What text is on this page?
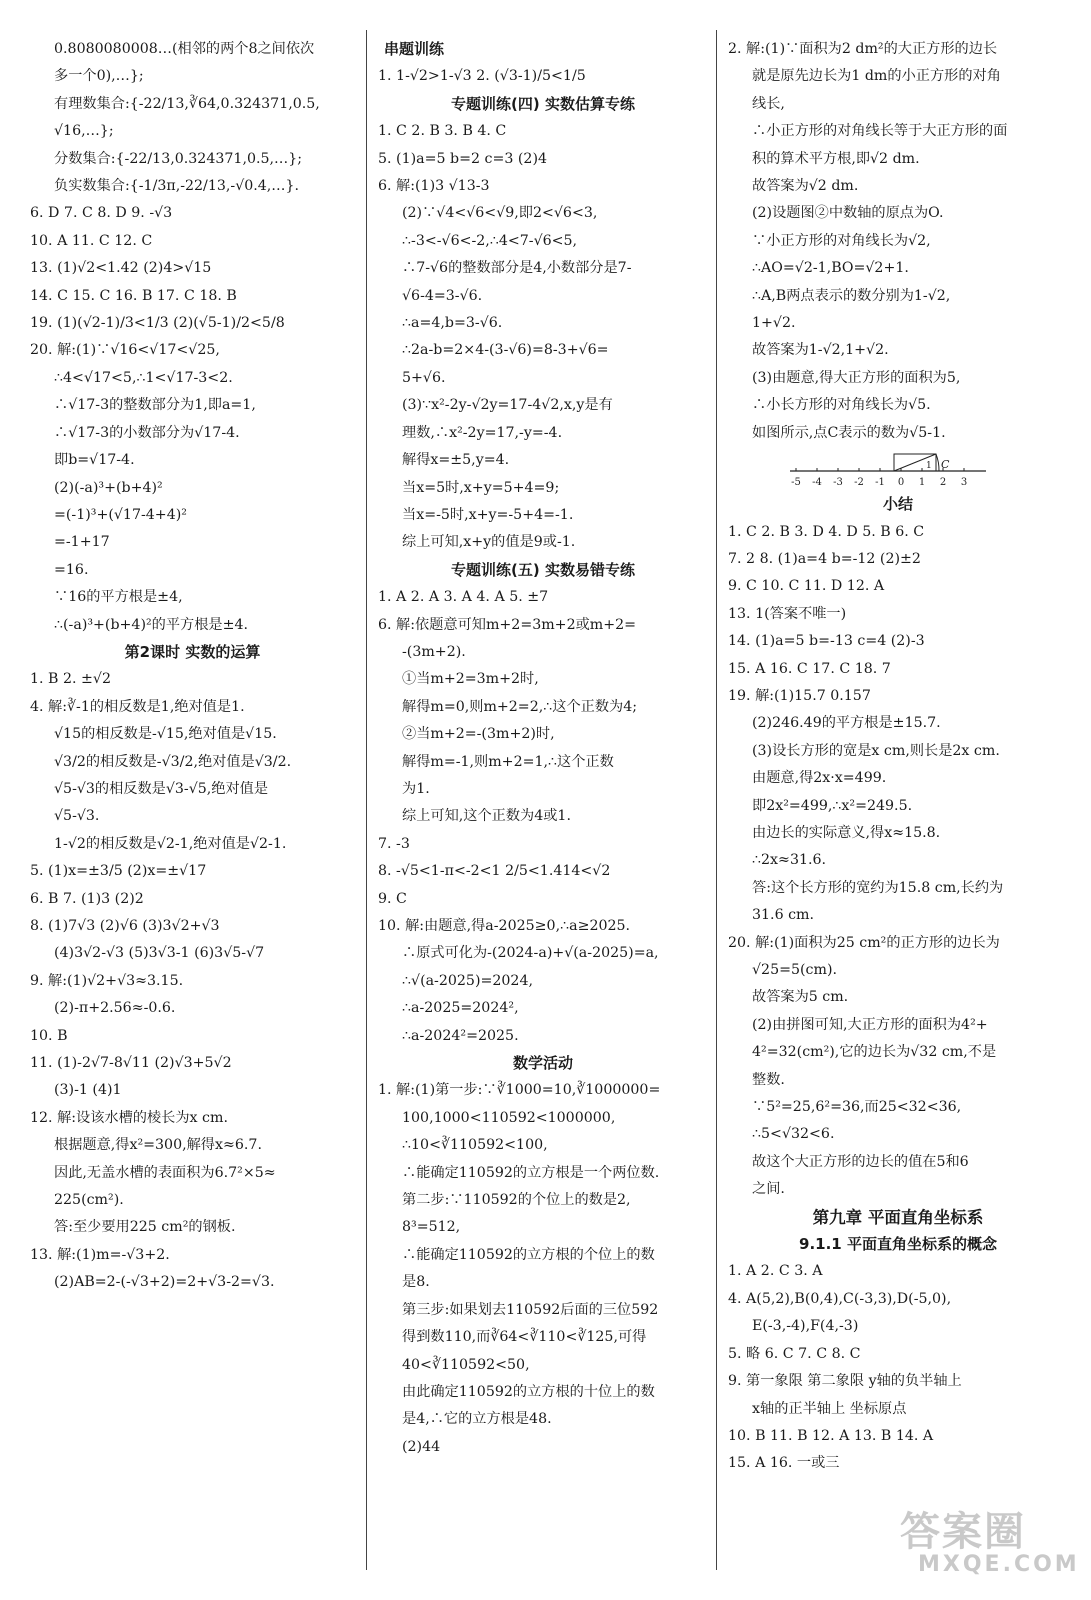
0.8080080008…(相邻的两个8之间依次
多一个0),…};
有理数集合:{-22/13,∛64,0.324371,0.5,
√16,…};
分数集合:{-22/13,0.324371,0.5,…};
负实数集合:{-1/3π,-22/13,-√0.4,…}.
6. D 7. C 8. D 9. -√3
10. A 11. C 12. C
13. (1)√2<1.42 (2)4>√15
14. C 15. C 16. B 17. C 18. B
19. (1)(√2-1)/3<1/3 (2)(√5-1)/2<5/8
20. 解:(1)∵√16<√17<√25,
∴4<√17<5,∴1<√17-3<2.
∴√17-3的整数部分为1,即a=1,
∴√17-3的小数部分为√17-4.
即b=√17-4.
(2)(-a)³+(b+4)²
=(-1)³+(√17-4+4)²
=-1+17
=16.
∵16的平方根是±4,
∴(-a)³+(b+4)²的平方根是±4.
第2课时 实数的运算
1. B 2. ±√2
4. 解:∛-1的相反数是1,绝对值是1.
√15的相反数是-√15,绝对值是√15.
√3/2的相反数是-√3/2,绝对值是√3/2.
√5-√3的相反数是√3-√5,绝对值是
√5-√3.
1-√2的相反数是√2-1,绝对值是√2-1.
5. (1)x=±3/5 (2)x=±√17
6. B 7. (1)3 (2)2
8. (1)7√3 (2)√6 (3)3√2+√3
(4)3√2-√3 (5)3√3-1 (6)3√5-√7
9. 解:(1)√2+√3≈3.15.
(2)-π+2.56≈-0.6.
10. B
11. (1)-2√7-8√11 (2)√3+5√2
(3)-1 (4)1
12. 解:设该水槽的棱长为x cm.
根据题意,得x²=300,解得x≈6.7.
因此,无盖水槽的表面积为6.7²×5≈
225(cm²).
答:至少要用225 cm²的钢板.
13. 解:(1)m=-√3+2.
(2)AB=2-(-√3+2)=2+√3-2=√3.
串题训练
1. 1-√2>1-√3 2. (√3-1)/5<1/5
专题训练(四) 实数估算专练
1. C 2. B 3. B 4. C
5. (1)a=5 b=2 c=3 (2)4
6. 解:(1)3 √13-3
(2)∵√4<√6<√9,即2<√6<3,
∴-3<-√6<-2,∴4<7-√6<5,
∴7-√6的整数部分是4,小数部分是7-
√6-4=3-√6.
∴a=4,b=3-√6.
∴2a-b=2×4-(3-√6)=8-3+√6=
5+√6.
(3)∵x²-2y-√2y=17-4√2,x,y是有
理数,∴x²-2y=17,-y=-4.
解得x=±5,y=4.
当x=5时,x+y=5+4=9;
当x=-5时,x+y=-5+4=-1.
综上可知,x+y的值是9或-1.
专题训练(五) 实数易错专练
1. A 2. A 3. A 4. A 5. ±7
6. 解:依题意可知m+2=3m+2或m+2=
-(3m+2).
①当m+2=3m+2时,
解得m=0,则m+2=2,∴这个正数为4;
②当m+2=-(3m+2)时,
解得m=-1,则m+2=1,∴这个正数
为1.
综上可知,这个正数为4或1.
7. -3
8. -√5<1-π<-2<1 2/5<1.414<√2
9. C
10. 解:由题意,得a-2025≥0,∴a≥2025.
∴原式可化为-(2024-a)+√(a-2025)=a,
∴√(a-2025)=2024,
∴a-2025=2024²,
∴a-2024²=2025.
数学活动
1. 解:(1)第一步:∵∛1000=10,∛1000000=
100,1000<110592<1000000,
∴10<∛110592<100,
∴能确定110592的立方根是一个两位数.
第二步:∵110592的个位上的数是2,
8³=512,
∴能确定110592的立方根的个位上的数
是8.
第三步:如果划去110592后面的三位592
得到数110,而∛64<∛110<∛125,可得
40<∛110592<50,
由此确定110592的立方根的十位上的数
是4,∴它的立方根是48.
(2)44
2. 解:(1)∵面积为2 dm²的大正方形的边长
就是原先边长为1 dm的小正方形的对角
线长,
∴小正方形的对角线长等于大正方形的面
积的算术平方根,即√2 dm.
故答案为√2 dm.
(2)设题图②中数轴的原点为O.
∵小正方形的对角线长为√2,
∴AO=√2-1,BO=√2+1.
∴A,B两点表示的数分别为1-√2,
1+√2.
故答案为1-√2,1+√2.
(3)由题意,得大正方形的面积为5,
∴小长方形的对角线长为√5.
如图所示,点C表示的数为√5-1.
1 C
-5 -4 -3 -2 -1 0 1 2 3
小结
1. C 2. B 3. D 4. D 5. B 6. C
7. 2 8. (1)a=4 b=-12 (2)±2
9. C 10. C 11. D 12. A
13. 1(答案不唯一)
14. (1)a=5 b=-13 c=4 (2)-3
15. A 16. C 17. C 18. 7
19. 解:(1)15.7 0.157
(2)246.49的平方根是±15.7.
(3)设长方形的宽是x cm,则长是2x cm.
由题意,得2x·x=499.
即2x²=499,∴x²=249.5.
由边长的实际意义,得x≈15.8.
∴2x≈31.6.
答:这个长方形的宽约为15.8 cm,长约为
31.6 cm.
20. 解:(1)面积为25 cm²的正方形的边长为
√25=5(cm).
故答案为5 cm.
(2)由拼图可知,大正方形的面积为4²+
4²=32(cm²),它的边长为√32 cm,不是
整数.
∵5²=25,6²=36,而25<32<36,
∴5<√32<6.
故这个大正方形的边长的值在5和6
之间.
第九章 平面直角坐标系
9.1.1 平面直角坐标系的概念
1. A 2. C 3. A
4. A(5,2),B(0,4),C(-3,3),D(-5,0),
E(-3,-4),F(4,-3)
5. 略 6. C 7. C 8. C
9. 第一象限 第二象限 y轴的负半轴上
x轴的正半轴上 坐标原点
10. B 11. B 12. A 13. B 14. A
15. A 16. 一或三
答案圈
MXQE.COM
